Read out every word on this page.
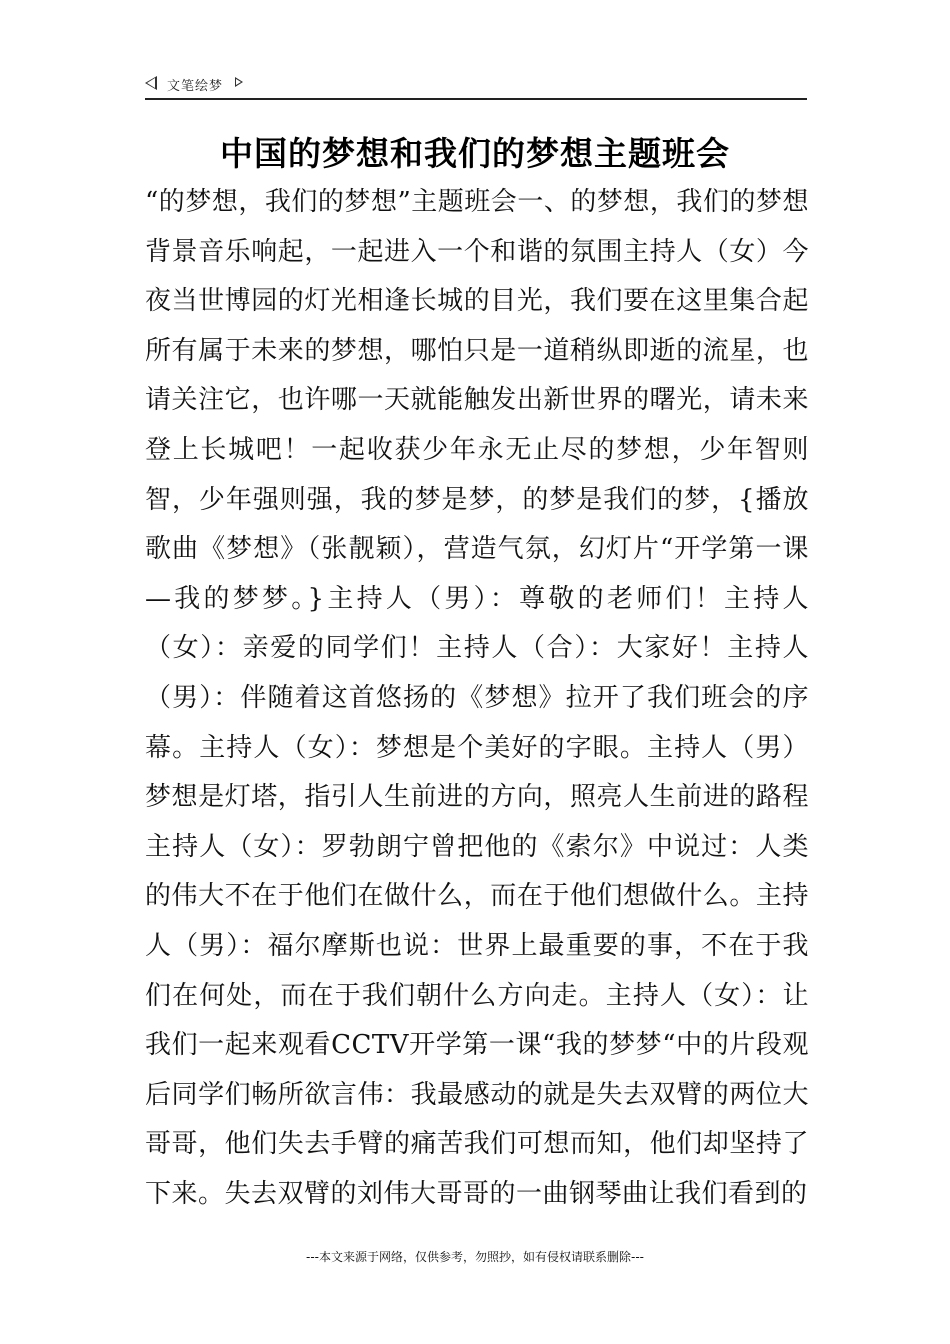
文笔绘梦
中国的梦想和我们的梦想主题班会

“的梦想，我们的梦想”主题班会一、的梦想，我们的梦想背景音乐响起，一起进入一个和谐的氛围主持人（女）今夜当世博园的灯光相逢长城的目光，我们要在这里集合起所有属于未来的梦想，哪怕只是一道稍纵即逝的流星，也请关注它，也许哪一天就能触发出新世界的曙光，请未来登上长城吧！一起收获少年永无止尽的梦想，少年智则智，少年强则强，我的梦是梦，的梦是我们的梦，{播放歌曲《梦想》（张靓颖），营造气氛，幻灯片“开学第一课—我的梦梦。}主持人（男）：尊敬的老师们！主持人（女）：亲爱的同学们！主持人（合）：大家好！主持人（男）：伴随着这首悠扬的《梦想》拉开了我们班会的序幕。主持人（女）：梦想是个美好的字眼。主持人（男）梦想是灯塔，指引人生前进的方向，照亮人生前进的路程主持人（女）：罗勃朗宁曾把他的《索尔》中说过：人类的伟大不在于他们在做什么，而在于他们想做什么。主持人（男）：福尔摩斯也说：世界上最重要的事，不在于我们在何处，而在于我们朝什么方向走。主持人（女）：让我们一起来观看CCTV开学第一课“我的梦梦“中的片段观后同学们畅所欲言伟：我最感动的就是失去双臂的两位大哥哥，他们失去手臂的痛苦我们可想而知，他们却坚持了下来。失去双臂的刘伟大哥哥的一曲钢琴曲让我们看到的

---本文来源于网络，仅供参考，勿照抄，如有侵权请联系删除---
